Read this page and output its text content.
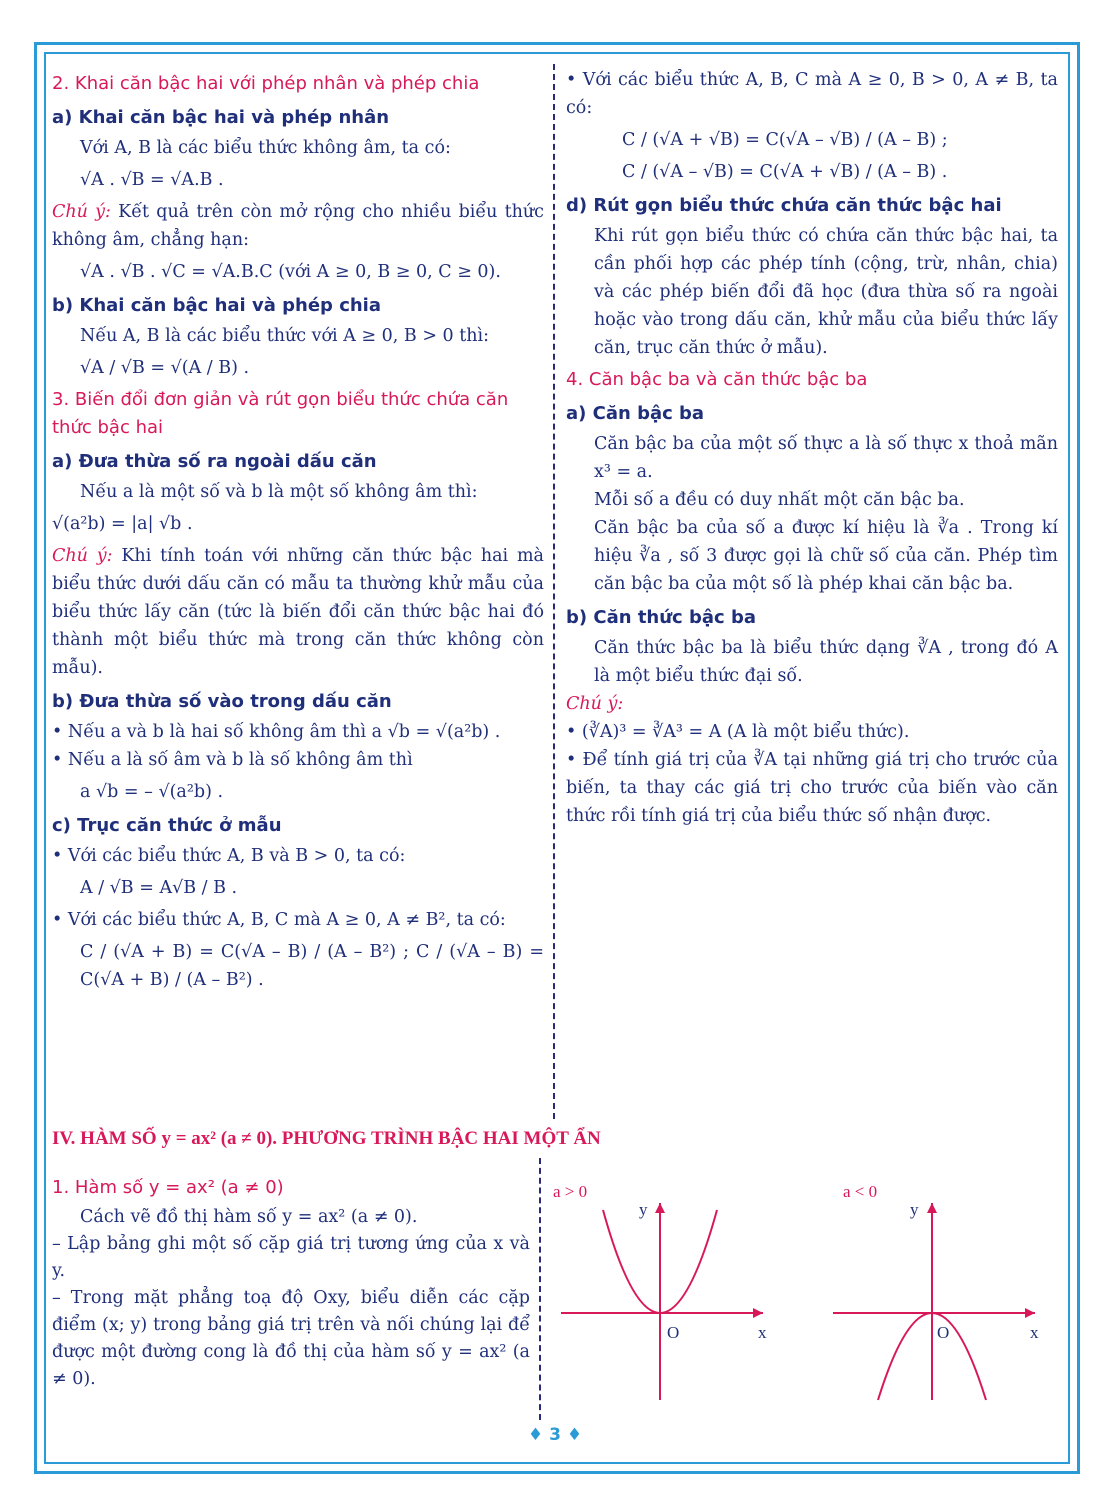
2. Khai căn bậc hai với phép nhân và phép chia
a) Khai căn bậc hai và phép nhân

Với A, B là các biểu thức không âm, ta có:

√A . √B = √A.B .

Chú ý: Kết quả trên còn mở rộng cho nhiều biểu thức không âm, chẳng hạn:

√A . √B . √C = √A.B.C (với A ≥ 0, B ≥ 0, C ≥ 0).

b) Khai căn bậc hai và phép chia

Nếu A, B là các biểu thức với A ≥ 0, B > 0 thì:

√A / √B = √(A / B) .

3. Biến đổi đơn giản và rút gọn biểu thức chứa căn thức bậc hai
a) Đưa thừa số ra ngoài dấu căn

Nếu a là một số và b là một số không âm thì:

√(a²b) = |a| √b .

Chú ý: Khi tính toán với những căn thức bậc hai mà biểu thức dưới dấu căn có mẫu ta thường khử mẫu của biểu thức lấy căn (tức là biến đổi căn thức bậc hai đó thành một biểu thức mà trong căn thức không còn mẫu).

b) Đưa thừa số vào trong dấu căn

• Nếu a và b là hai số không âm thì a √b = √(a²b) .

• Nếu a là số âm và b là số không âm thì

a √b = – √(a²b) .

c) Trục căn thức ở mẫu

• Với các biểu thức A, B và B > 0, ta có:

A / √B = A√B / B .

• Với các biểu thức A, B, C mà A ≥ 0, A ≠ B², ta có:

C / (√A + B) = C(√A – B) / (A – B²) ; C / (√A – B) = C(√A + B) / (A – B²) .

• Với các biểu thức A, B, C mà A ≥ 0, B > 0, A ≠ B, ta có:

C / (√A + √B) = C(√A – √B) / (A – B) ;

C / (√A – √B) = C(√A + √B) / (A – B) .

d) Rút gọn biểu thức chứa căn thức bậc hai

Khi rút gọn biểu thức có chứa căn thức bậc hai, ta cần phối hợp các phép tính (cộng, trừ, nhân, chia) và các phép biến đổi đã học (đưa thừa số ra ngoài hoặc vào trong dấu căn, khử mẫu của biểu thức lấy căn, trục căn thức ở mẫu).

4. Căn bậc ba và căn thức bậc ba
a) Căn bậc ba

Căn bậc ba của một số thực a là số thực x thoả mãn x³ = a.

Mỗi số a đều có duy nhất một căn bậc ba.

Căn bậc ba của số a được kí hiệu là ∛a . Trong kí hiệu ∛a , số 3 được gọi là chữ số của căn. Phép tìm căn bậc ba của một số là phép khai căn bậc ba.

b) Căn thức bậc ba

Căn thức bậc ba là biểu thức dạng ∛A , trong đó A là một biểu thức đại số.

Chú ý:

• (∛A)³ = ∛A³ = A (A là một biểu thức).

• Để tính giá trị của ∛A tại những giá trị cho trước của biến, ta thay các giá trị cho trước của biến vào căn thức rồi tính giá trị của biểu thức số nhận được.

IV. HÀM SỐ y = ax² (a ≠ 0). PHƯƠNG TRÌNH BẬC HAI MỘT ẨN
1. Hàm số y = ax² (a ≠ 0)

Cách vẽ đồ thị hàm số y = ax² (a ≠ 0).

– Lập bảng ghi một số cặp giá trị tương ứng của x và y.

– Trong mặt phẳng toạ độ Oxy, biểu diễn các cặp điểm (x; y) trong bảng giá trị trên và nối chúng lại để được một đường cong là đồ thị của hàm số y = ax² (a ≠ 0).

a > 0	a < 0
O	x
y
O	x
y
♦ 3 ♦
